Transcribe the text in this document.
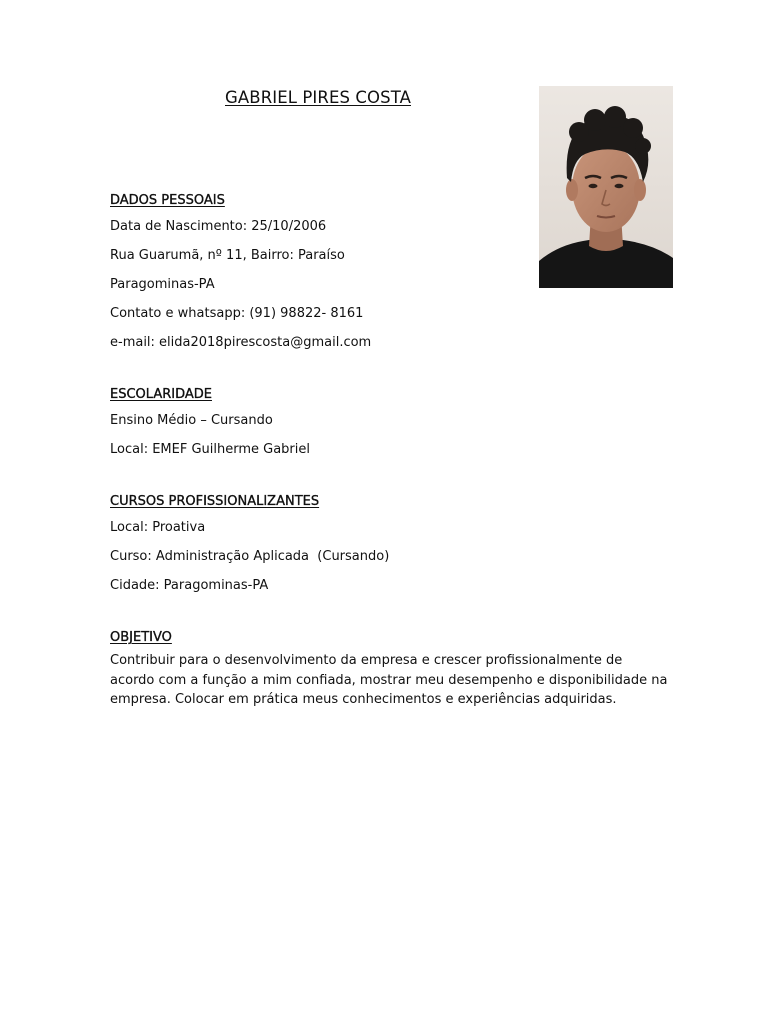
GABRIEL PIRES COSTA
DADOS PESSOAIS

Data de Nascimento: 25/10/2006

Rua Guarumã, nº 11, Bairro: Paraíso

Paragominas-PA

Contato e whatsapp: (91) 98822- 8161

e-mail: elida2018pirescosta@gmail.com

ESCOLARIDADE

Ensino Médio – Cursando

Local: EMEF Guilherme Gabriel

CURSOS PROFISSIONALIZANTES

Local: Proativa

Curso: Administração Aplicada  (Cursando)

Cidade: Paragominas-PA

OBJETIVO

Contribuir para o desenvolvimento da empresa e crescer profissionalmente de acordo com a função a mim confiada, mostrar meu desempenho e disponibilidade na empresa. Colocar em prática meus conhecimentos e experiências adquiridas.
